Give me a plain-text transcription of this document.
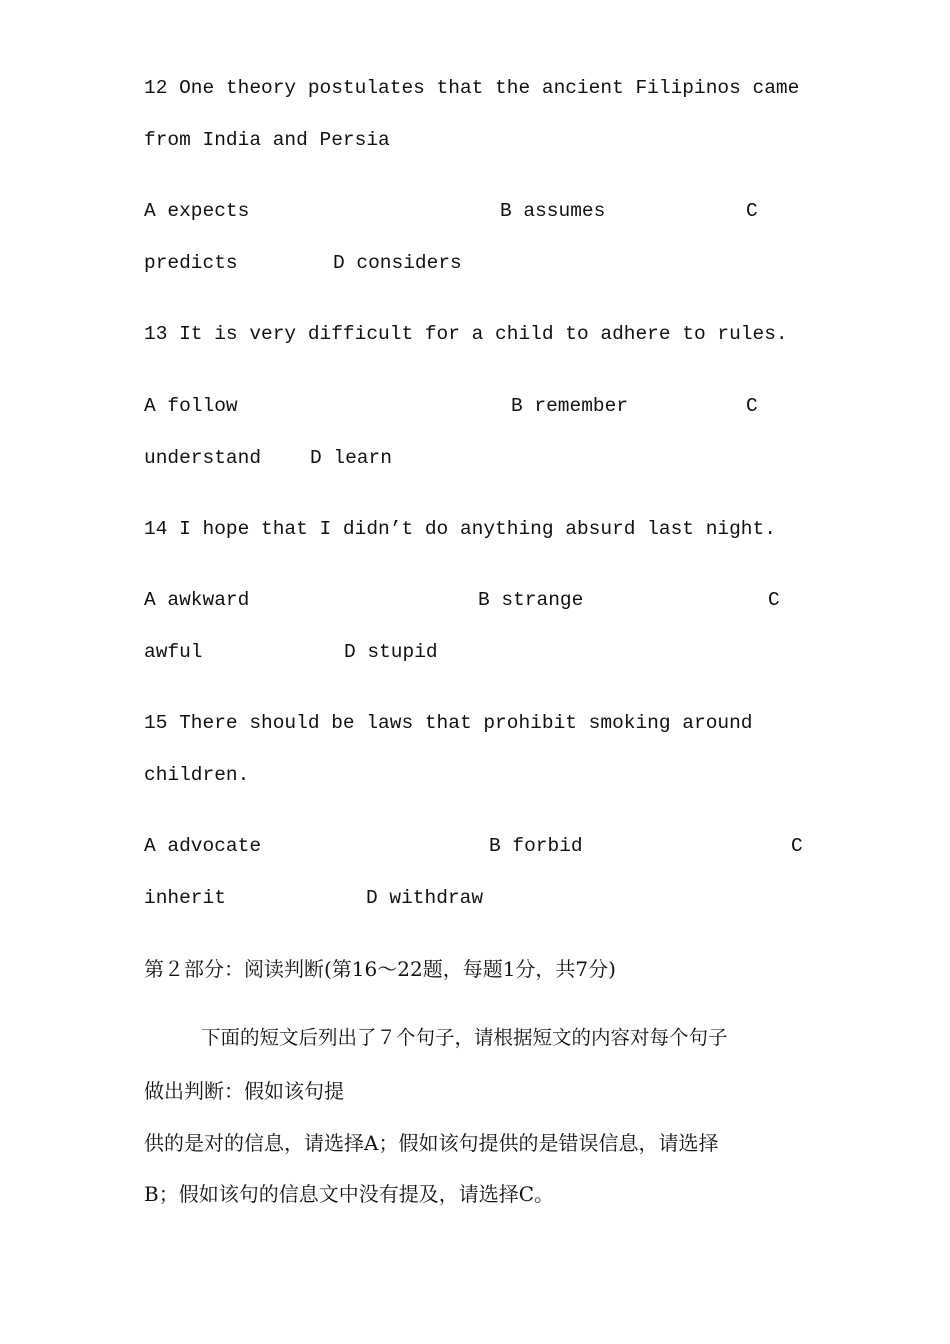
12 One theory postulates that the ancient Filipinos came
from India and Persia
A expects	B assumes	C
predicts	D considers
13 It is very difficult for a child to adhere to rules.
A follow	B remember	C
understand	D learn
14 I hope that I didn’t do anything absurd last night.
A awkward	B strange	C
awful	D stupid
15 There should be laws that prohibit smoking around
children.
A advocate	B forbid	C
inherit	D withdraw
第２部分：阅读判断(第16～22题，每题1分，共7分)
下面的短文后列出了７个句子，请根据短文的内容对每个句子
做出判断：假如该句提
供的是对的信息，请选择A；假如该句提供的是错误信息，请选择
B；假如该句的信息文中没有提及，请选择C。
